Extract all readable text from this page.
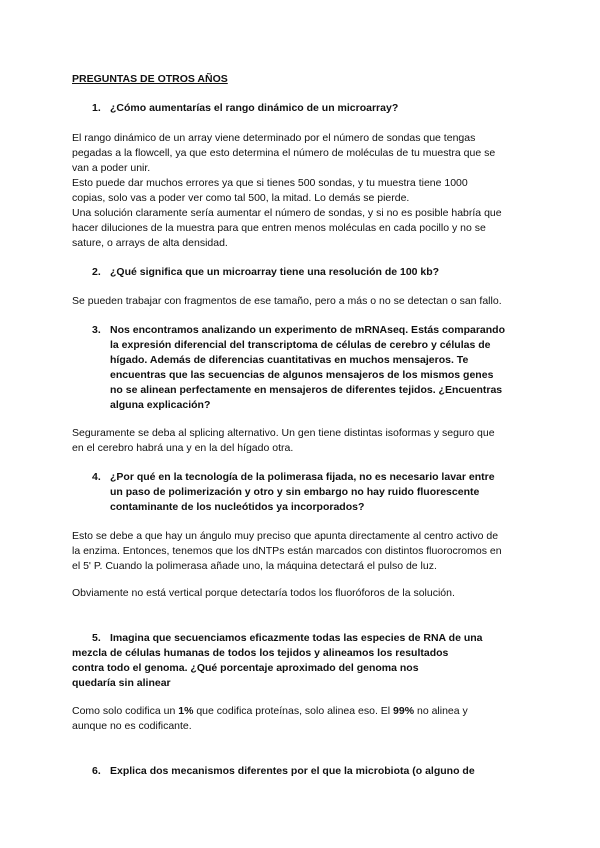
PREGUNTAS DE OTROS AÑOS

1. ¿Cómo aumentarías el rango dinámico de un microarray?

El rango dinámico de un array viene determinado por el número de sondas que tengas

pegadas a la flowcell, ya que esto determina el número de moléculas de tu muestra que se

van a poder unir.

Esto puede dar muchos errores ya que si tienes 500 sondas, y tu muestra tiene 1000

copias, solo vas a poder ver como tal 500, la mitad. Lo demás se pierde.

Una solución claramente sería aumentar el número de sondas, y si no es posible habría que

hacer diluciones de la muestra para que entren menos moléculas en cada pocillo y no se

sature, o arrays de alta densidad.

2. ¿Qué significa que un microarray tiene una resolución de 100 kb?

Se pueden trabajar con fragmentos de ese tamaño, pero a más o no se detectan o san fallo.

3. Nos encontramos analizando un experimento de mRNAseq. Estás comparando

la expresión diferencial del transcriptoma de células de cerebro y células de

hígado. Además de diferencias cuantitativas en muchos mensajeros. Te

encuentras que las secuencias de algunos mensajeros de los mismos genes

no se alinean perfectamente en mensajeros de diferentes tejidos. ¿Encuentras

alguna explicación?

Seguramente se deba al splicing alternativo. Un gen tiene distintas isoformas y seguro que

en el cerebro habrá una y en la del hígado otra.

4. ¿Por qué en la tecnología de la polimerasa fijada, no es necesario lavar entre

un paso de polimerización y otro y sin embargo no hay ruido fluorescente

contaminante de los nucleótidos ya incorporados?

Esto se debe a que hay un ángulo muy preciso que apunta directamente al centro activo de

la enzima. Entonces, tenemos que los dNTPs están marcados con distintos fluorocromos en

el 5' P. Cuando la polimerasa añade uno, la máquina detectará el pulso de luz.

Obviamente no está vertical porque detectaría todos los fluoróforos de la solución.

5. Imagina que secuenciamos eficazmente todas las especies de RNA de una

mezcla de células humanas de todos los tejidos y alineamos los resultados

contra todo el genoma. ¿Qué porcentaje aproximado del genoma nos

quedaría sin alinear

Como solo codifica un 1% que codifica proteínas, solo alinea eso. El 99% no alinea y

aunque no es codificante.

6. Explica dos mecanismos diferentes por el que la microbiota (o alguno de
